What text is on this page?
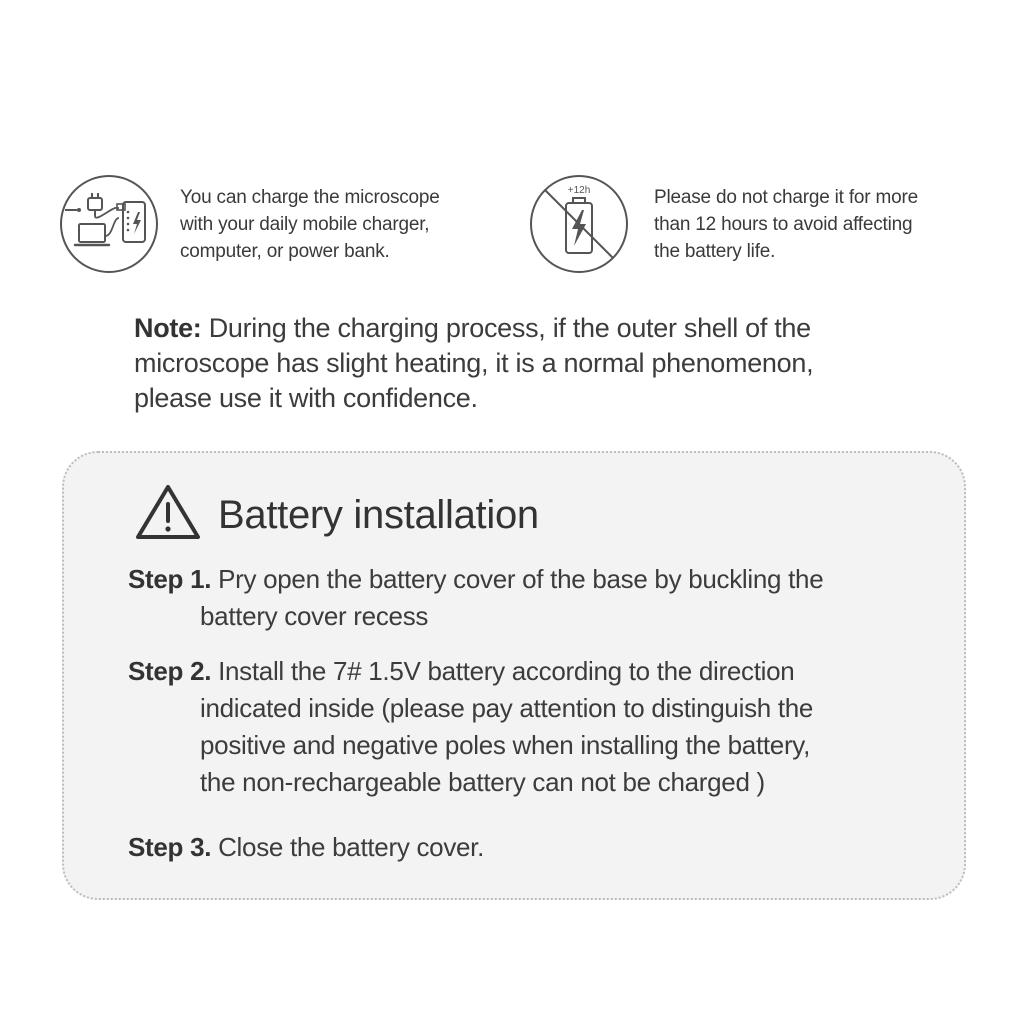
You can charge the microscope
with your daily mobile charger,
computer, or power bank.
+12h	Please do not charge it for more
than 12 hours to avoid affecting
the battery life.
Note: During the charging process, if the outer shell of the
microscope has slight heating, it is a normal phenomenon,
please use it with confidence.
Battery installation
Step 1. Pry open the battery cover of the base by buckling the
battery cover recess
Step 2. Install the 7# 1.5V battery according to the direction
indicated inside (please pay attention to distinguish the
positive and negative poles when installing the battery,
the non-rechargeable battery can not be charged )
Step 3. Close the battery cover.
